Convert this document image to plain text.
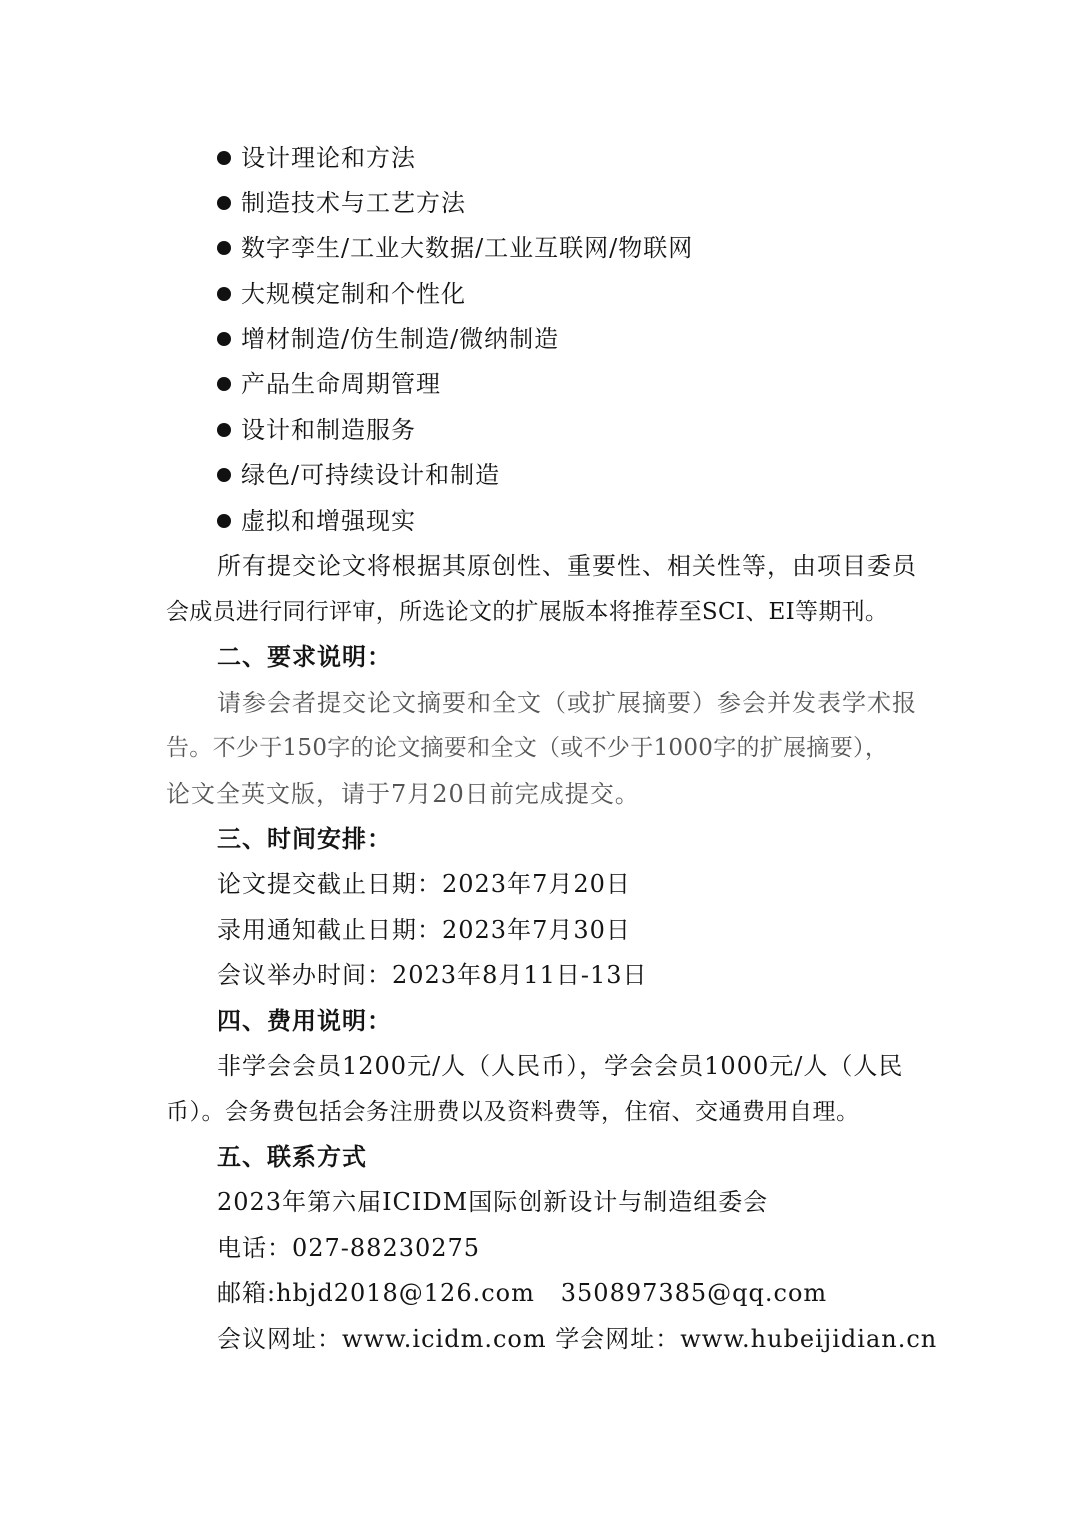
设计理论和方法
制造技术与工艺方法
数字孪生/工业大数据/工业互联网/物联网
大规模定制和个性化
增材制造/仿生制造/微纳制造
产品生命周期管理
设计和制造服务
绿色/可持续设计和制造
虚拟和增强现实
所有提交论文将根据其原创性、重要性、相关性等，由项目委员
会成员进行同行评审，所选论文的扩展版本将推荐至SCI、EI等期刊。
二、要求说明：
请参会者提交论文摘要和全文（或扩展摘要）参会并发表学术报
告。不少于150字的论文摘要和全文（或不少于1000字的扩展摘要），
论文全英文版，请于7月20日前完成提交。
三、时间安排：
论文提交截止日期：2023年7月20日
录用通知截止日期：2023年7月30日
会议举办时间：2023年8月11日-13日
四、费用说明：
非学会会员1200元/人（人民币），学会会员1000元/人（人民
币）。会务费包括会务注册费以及资料费等，住宿、交通费用自理。
五、联系方式
2023年第六届ICIDM国际创新设计与制造组委会
电话：027-88230275
邮箱:hbjd2018@126.com   350897385@qq.com
会议网址：www.icidm.com 学会网址：www.hubeijidian.cn
